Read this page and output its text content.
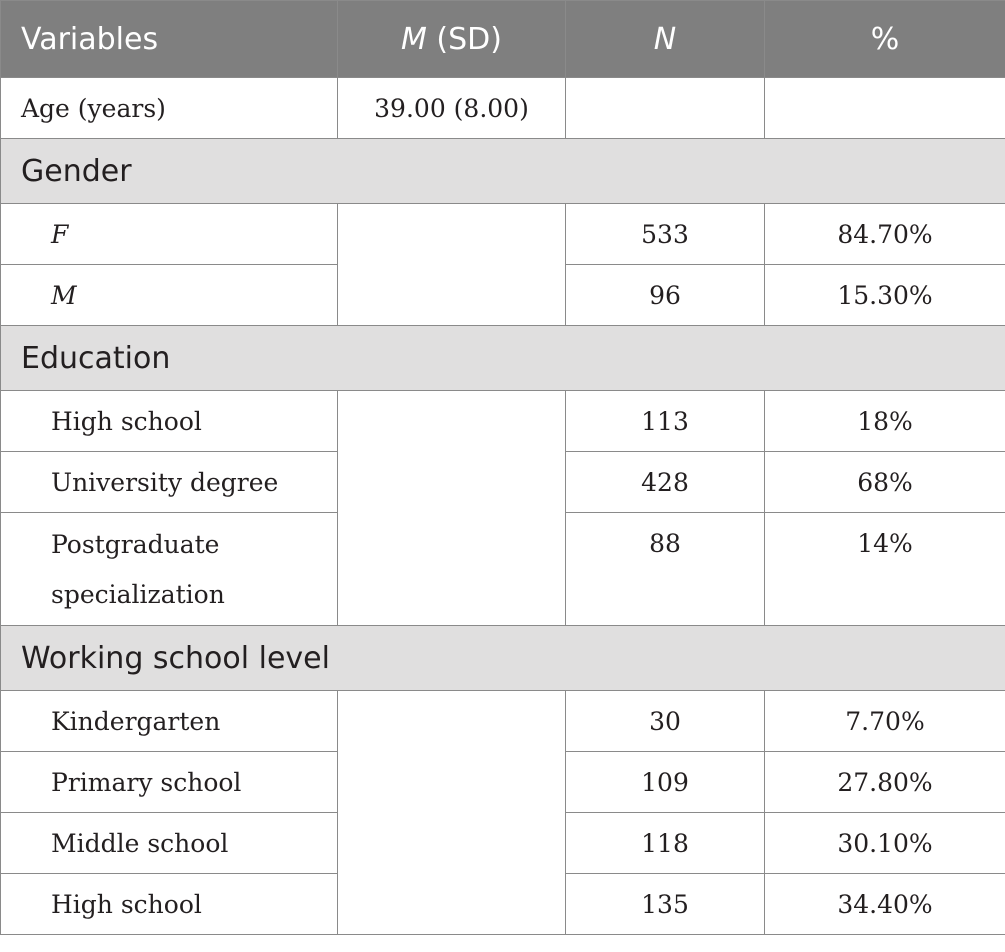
Variables	M (SD)	N	%
Age (years)	39.00 (8.00)		
Gender			
F		533	84.70%
M		96	15.30%
Education			
High school		113	18%
University degree		428	68%
Postgraduate specialization		88	14%
Working school level			
Kindergarten		30	7.70%
Primary school		109	27.80%
Middle school		118	30.10%
High school		135	34.40%
